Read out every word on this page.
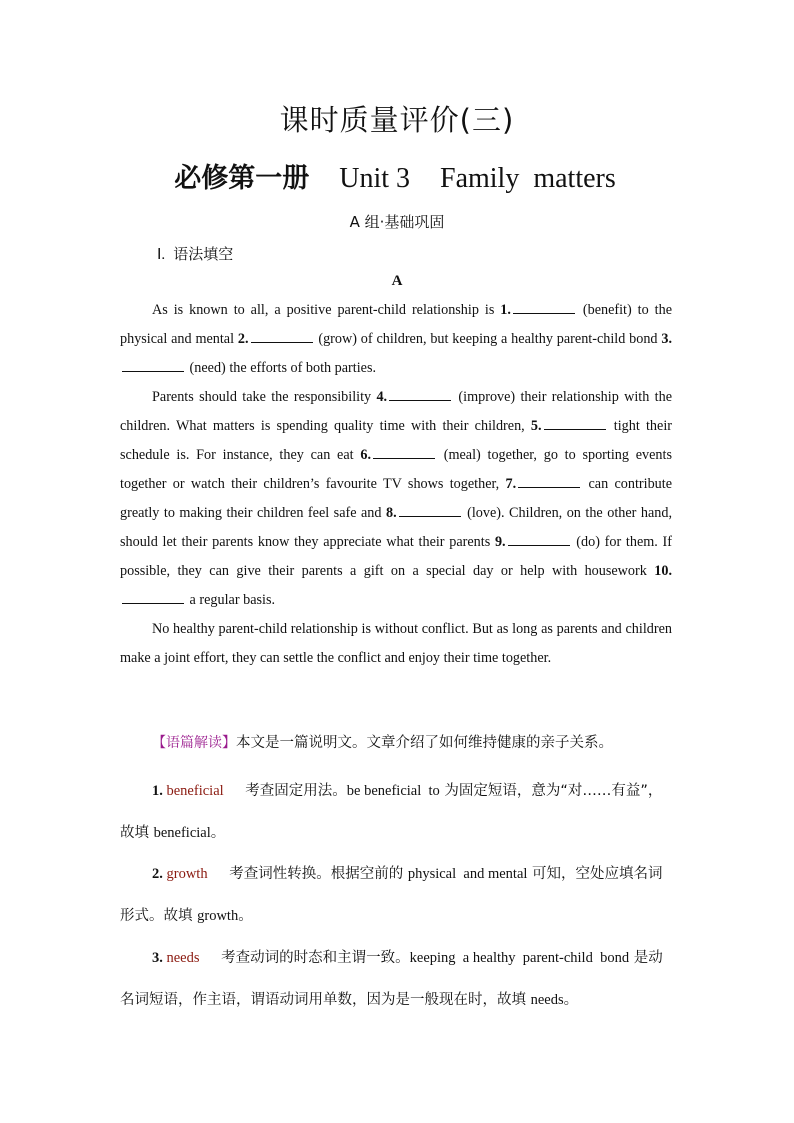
课时质量评价(三)
必修第一册 Unit 3 Family  matters
A 组·基础巩固
Ⅰ. 语法填空
A

As is known to all, a positive parent-child relationship is 1.	(benefit) to the physical and mental 2.	(grow) of children, but keeping a healthy parent-child bond 3. (need) the efforts of both parties.

Parents should take the responsibility 4.	(improve) their relationship with the children. What matters is spending quality time with their children, 5.	tight their schedule is. For instance, they can eat 6.	(meal) together, go to sporting events together or watch their children’s favourite TV shows together, 7.	can contribute greatly to making their children feel safe and 8.	(love). Children, on the other hand, should let their parents know they appreciate what their parents 9.	(do) for them. If possible, they can give their parents a gift on a special day or help with housework 10. a regular basis.

No healthy parent-child relationship is without conflict. But as long as parents and children make a joint effort, they can settle the conflict and enjoy their time together.

【语篇解读】本文是一篇说明文。文章介绍了如何维持健康的亲子关系。
1. beneficial 考查固定用法。be beneficial  to 为固定短语，意为“对……有益”，故填 beneficial。
2. growth 考查词性转换。根据空前的 physical  and mental 可知，空处应填名词形式。故填 growth。
3. needs 考查动词的时态和主谓一致。keeping  a healthy  parent-child  bond 是动名词短语，作主语，谓语动词用单数，因为是一般现在时，故填 needs。
